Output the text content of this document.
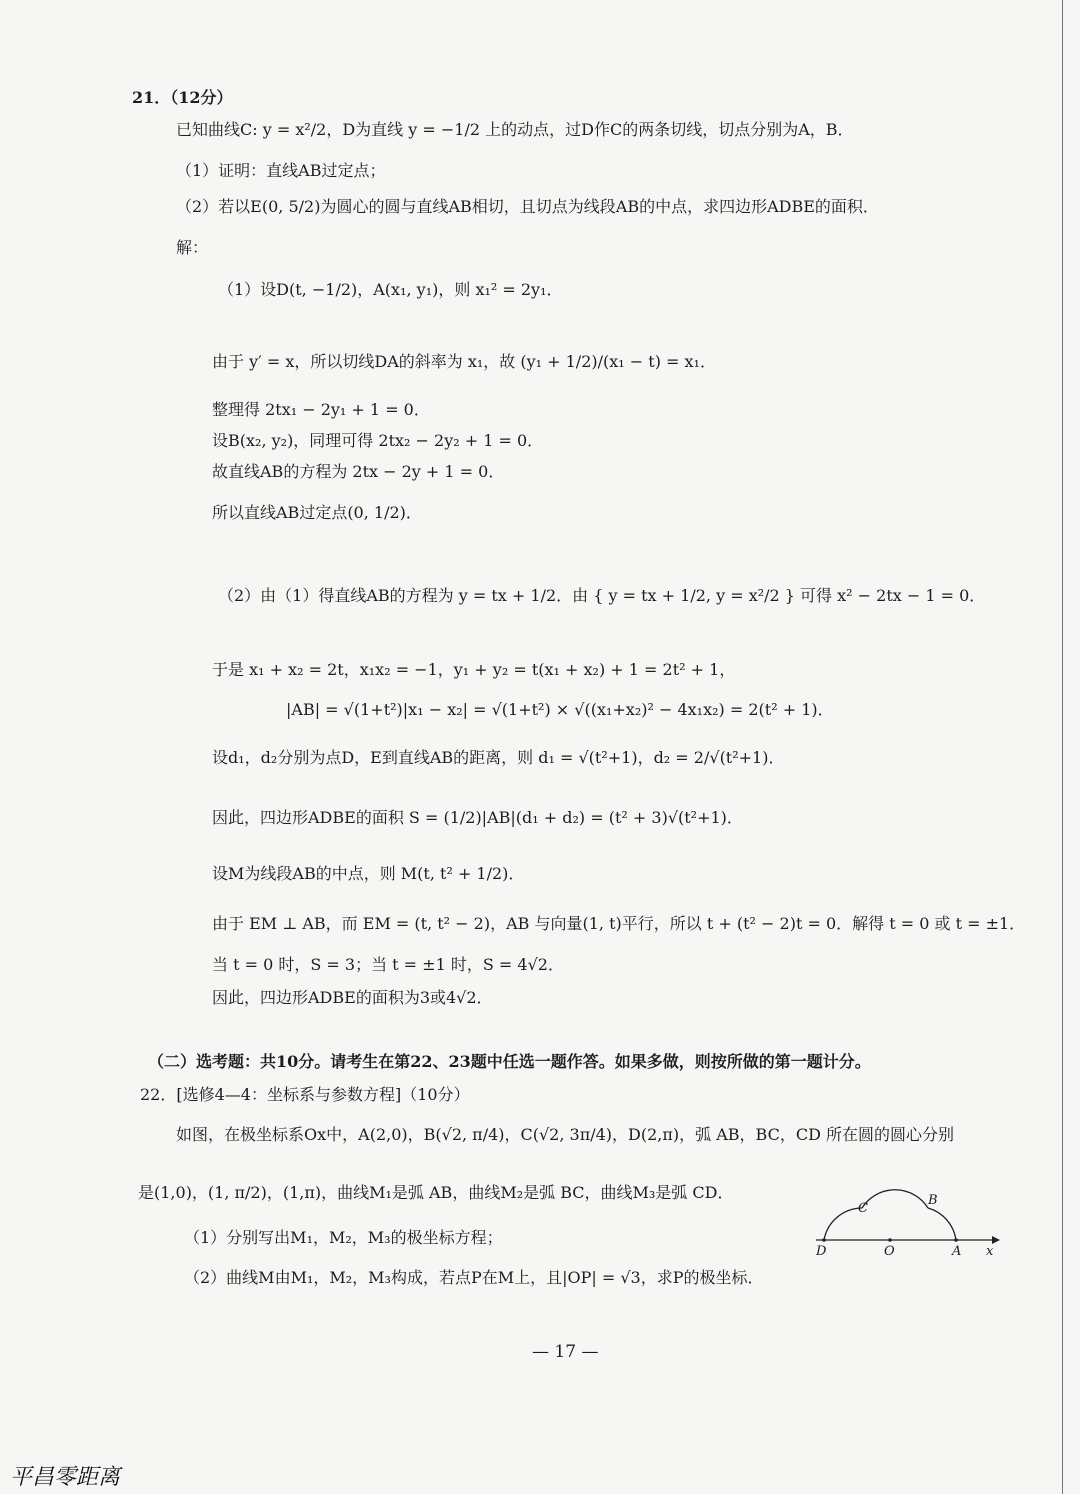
21．（12分）
已知曲线C: y = x²/2，D为直线 y = −1/2 上的动点，过D作C的两条切线，切点分别为A，B．
（1）证明：直线AB过定点；
（2）若以E(0, 5/2)为圆心的圆与直线AB相切，且切点为线段AB的中点，求四边形ADBE的面积．
解：
（1）设D(t, −1/2)，A(x₁, y₁)，则 x₁² = 2y₁．
由于 y′ = x，所以切线DA的斜率为 x₁，故 (y₁ + 1/2)/(x₁ − t) = x₁．
整理得 2tx₁ − 2y₁ + 1 = 0．
设B(x₂, y₂)，同理可得 2tx₂ − 2y₂ + 1 = 0．
故直线AB的方程为 2tx − 2y + 1 = 0．
所以直线AB过定点(0, 1/2)．
（2）由（1）得直线AB的方程为 y = tx + 1/2．由 { y = tx + 1/2, y = x²/2 } 可得 x² − 2tx − 1 = 0．
于是 x₁ + x₂ = 2t，x₁x₂ = −1，y₁ + y₂ = t(x₁ + x₂) + 1 = 2t² + 1，
|AB| = √(1+t²)|x₁ − x₂| = √(1+t²) × √((x₁+x₂)² − 4x₁x₂) = 2(t² + 1)．
设d₁，d₂分别为点D，E到直线AB的距离，则 d₁ = √(t²+1)，d₂ = 2/√(t²+1)．
因此，四边形ADBE的面积 S = (1/2)|AB|(d₁ + d₂) = (t² + 3)√(t²+1)．
设M为线段AB的中点，则 M(t, t² + 1/2)．
由于 EM ⊥ AB，而 EM = (t, t² − 2)，AB 与向量(1, t)平行，所以 t + (t² − 2)t = 0．解得 t = 0 或 t = ±1．
当 t = 0 时，S = 3；当 t = ±1 时，S = 4√2．
因此，四边形ADBE的面积为3或4√2．
（二）选考题：共10分。请考生在第22、23题中任选一题作答。如果多做，则按所做的第一题计分。
22．[选修4—4：坐标系与参数方程]（10分）
如图，在极坐标系Ox中，A(2,0)，B(√2, π/4)，C(√2, 3π/4)，D(2,π)，弧 AB，BC，CD 所在圆的圆心分别
是(1,0)，(1, π/2)，(1,π)，曲线M₁是弧 AB，曲线M₂是弧 BC，曲线M₃是弧 CD．
（1）分别写出M₁，M₂，M₃的极坐标方程；
（2）曲线M由M₁，M₂，M₃构成，若点P在M上，且|OP| = √3，求P的极坐标．
C
B
D	O	A x
— 17 —
平昌零距离
